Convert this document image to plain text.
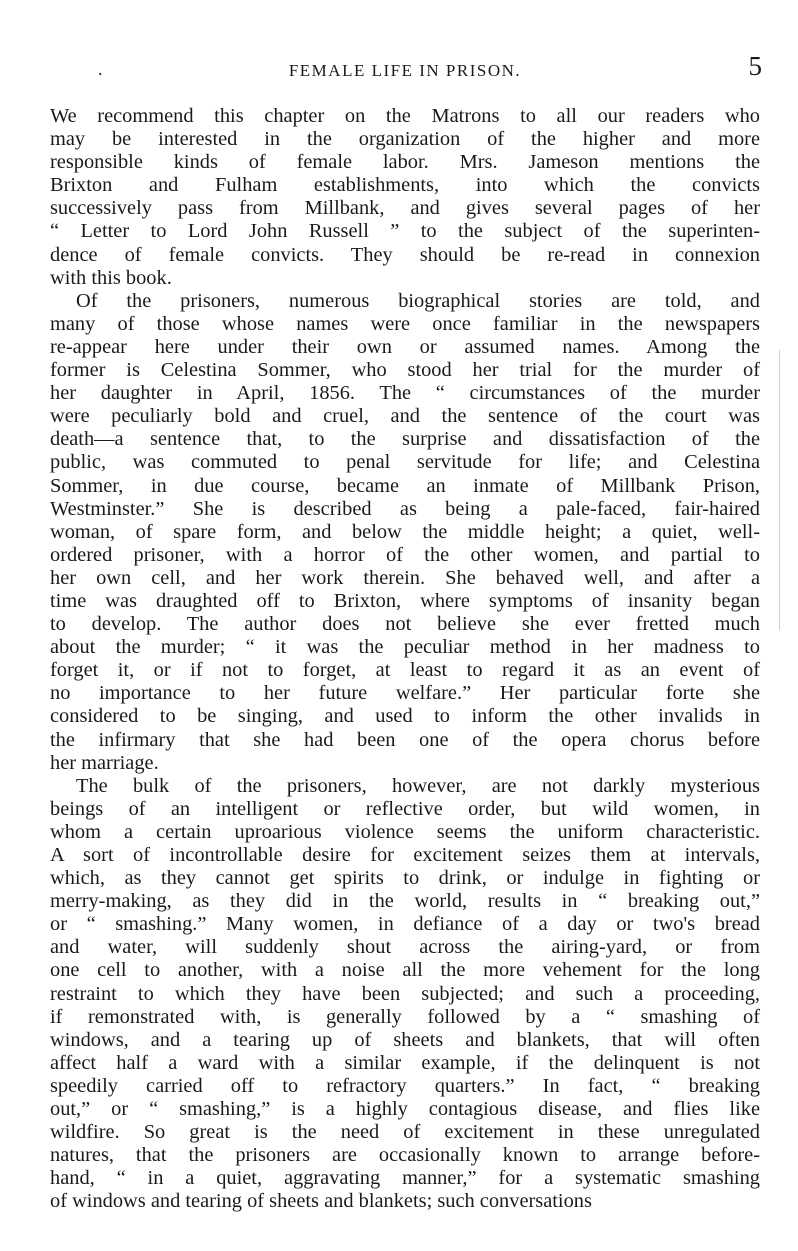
.	FEMALE LIFE IN PRISON.	5
We recommend this chapter on the Matrons to all our readers who
may be interested in the organization of the higher and more
responsible kinds of female labor. Mrs. Jameson mentions the
Brixton and Fulham establishments, into which the convicts
successively pass from Millbank, and gives several pages of her
“ Letter to Lord John Russell ” to the subject of the superinten-
dence of female convicts. They should be re-read in connexion
with this book.
Of the prisoners, numerous biographical stories are told, and
many of those whose names were once familiar in the newspapers
re-appear here under their own or assumed names. Among the
former is Celestina Sommer, who stood her trial for the murder of
her daughter in April, 1856. The “ circumstances of the murder
were peculiarly bold and cruel, and the sentence of the court was
death—a sentence that, to the surprise and dissatisfaction of the
public, was commuted to penal servitude for life; and Celestina
Sommer, in due course, became an inmate of Millbank Prison,
Westminster.” She is described as being a pale-faced, fair-haired
woman, of spare form, and below the middle height; a quiet, well-
ordered prisoner, with a horror of the other women, and partial to
her own cell, and her work therein. She behaved well, and after a
time was draughted off to Brixton, where symptoms of insanity began
to develop. The author does not believe she ever fretted much
about the murder; “ it was the peculiar method in her madness to
forget it, or if not to forget, at least to regard it as an event of
no importance to her future welfare.” Her particular forte she
considered to be singing, and used to inform the other invalids in
the infirmary that she had been one of the opera chorus before
her marriage.
The bulk of the prisoners, however, are not darkly mysterious
beings of an intelligent or reflective order, but wild women, in
whom a certain uproarious violence seems the uniform characteristic.
A sort of incontrollable desire for excitement seizes them at intervals,
which, as they cannot get spirits to drink, or indulge in fighting or
merry-making, as they did in the world, results in “ breaking out,”
or “ smashing.” Many women, in defiance of a day or two's bread
and water, will suddenly shout across the airing-yard, or from
one cell to another, with a noise all the more vehement for the long
restraint to which they have been subjected; and such a proceeding,
if remonstrated with, is generally followed by a “ smashing of
windows, and a tearing up of sheets and blankets, that will often
affect half a ward with a similar example, if the delinquent is not
speedily carried off to refractory quarters.” In fact, “ breaking
out,” or “ smashing,” is a highly contagious disease, and flies like
wildfire. So great is the need of excitement in these unregulated
natures, that the prisoners are occasionally known to arrange before-
hand, “ in a quiet, aggravating manner,” for a systematic smashing
of windows and tearing of sheets and blankets; such conversations
